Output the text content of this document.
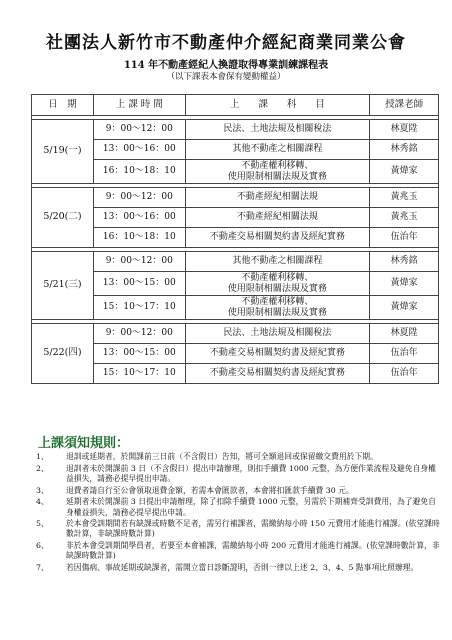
社團法人新竹市不動產仲介經紀商業同業公會
114 年不動產經紀人換證取得專業訓練課程表
（以下課表本會保有變動權益）
日　期	上 課 時 間	上　　課　　科　　目	授課老師

5/19(一)	9：00～12：00	民法、土地法規及相關稅法	林夏陞
	13：00～16：00	其他不動產之相關課程	林秀銘
	16：10～18：10	不動產權利移轉、
使用限制相關法規及實務	黃煒家

5/20(二)	9：00～12：00	不動產經紀相關法規	黃兆玉
	13：00～16：00	不動產經紀相關法規	黃兆玉
	16：10～18：10	不動產交易相關契約書及經紀實務	伍治年

5/21(三)	9：00～12：00	其他不動產之相關課程	林秀銘
	13：00～15：00	不動產權利移轉、
使用限制相關法規及實務	黃煒家
	15：10～17：10	不動產權利移轉、
使用限制相關法規及實務	黃煒家

5/22(四)	9：00～12：00	民法、土地法規及相關稅法	林夏陞
	13：00～15：00	不動產交易相關契約書及經紀實務	伍治年
	15：10～17：10	不動產交易相關契約書及經紀實務	伍治年
上課須知規則：
1、	退訓或延期者，於開課前三日前（不含假日）告知，將可全額退回或保留繳交費用於下期。
2、	退訓者未於開課前 3 日（不含假日）提出申請辦理，則扣手續費 1000 元整，為方便作業流程及避免自身權益損失，請務必提早提出申請。
3、	退費者請自行至公會領取退費金額，若需本會匯款者，本會將扣匯款手續費 30 元。
4、	延期者未於開課前 3 日提出申請辦理，除了扣除手續費 1000 元整，另需於下期補齊受訓費用，為了避免自身權益損失，請務必提早提出申請。
5、	於本會受訓期間若有缺課或時數不足者，需另行補課者，需繳納每小時 150 元費用才能進行補課。(依堂課時數計算，非缺課時數計算)
6、	非於本會受訓期間學員者，若要至本會補課，需繳納每小時 200 元費用才能進行補課。(依堂課時數計算，非缺課時數計算)
7、	若因傷病、事故延期或缺課者，需開立當日診斷證明，否則一律以上述 2、3、4、5 點事項比照辦理。
